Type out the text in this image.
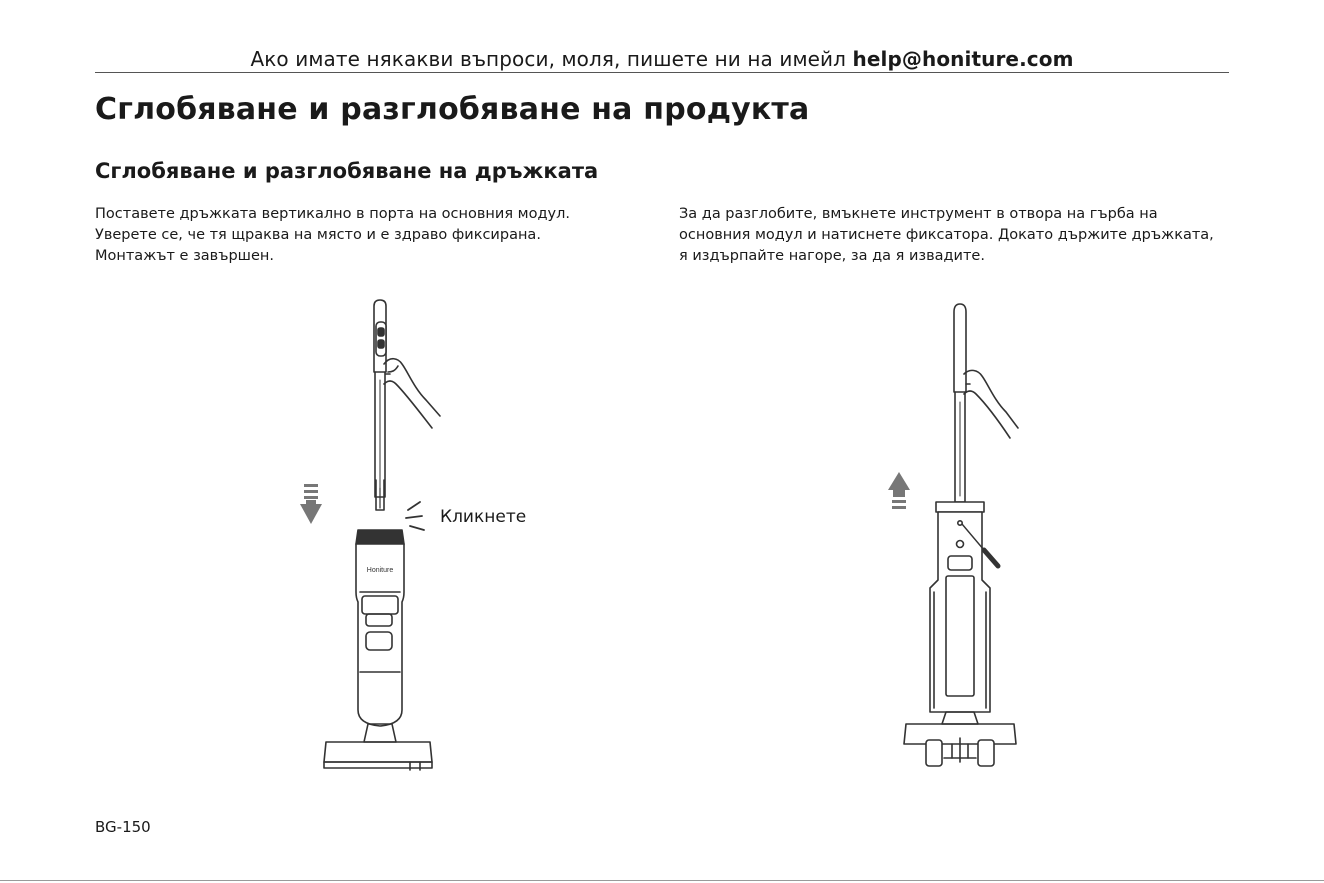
Ако имате някакви въпроси, моля, пишете ни на имейл help@honiture.com
Сглобяване и разглобяване на продукта
Сглобяване и разглобяване на дръжката
Поставете дръжката вертикално в порта на основния модул.
Уверете се, че тя щраква на място и е здраво фиксирана.
Монтажът е завършен.
За да разглобите, вмъкнете инструмент в отвора на гърба на
основния модул и натиснете фиксатора. Докато държите дръжката,
я издърпайте нагоре, за да я извадите.
Honiture
Кликнете
BG-150
